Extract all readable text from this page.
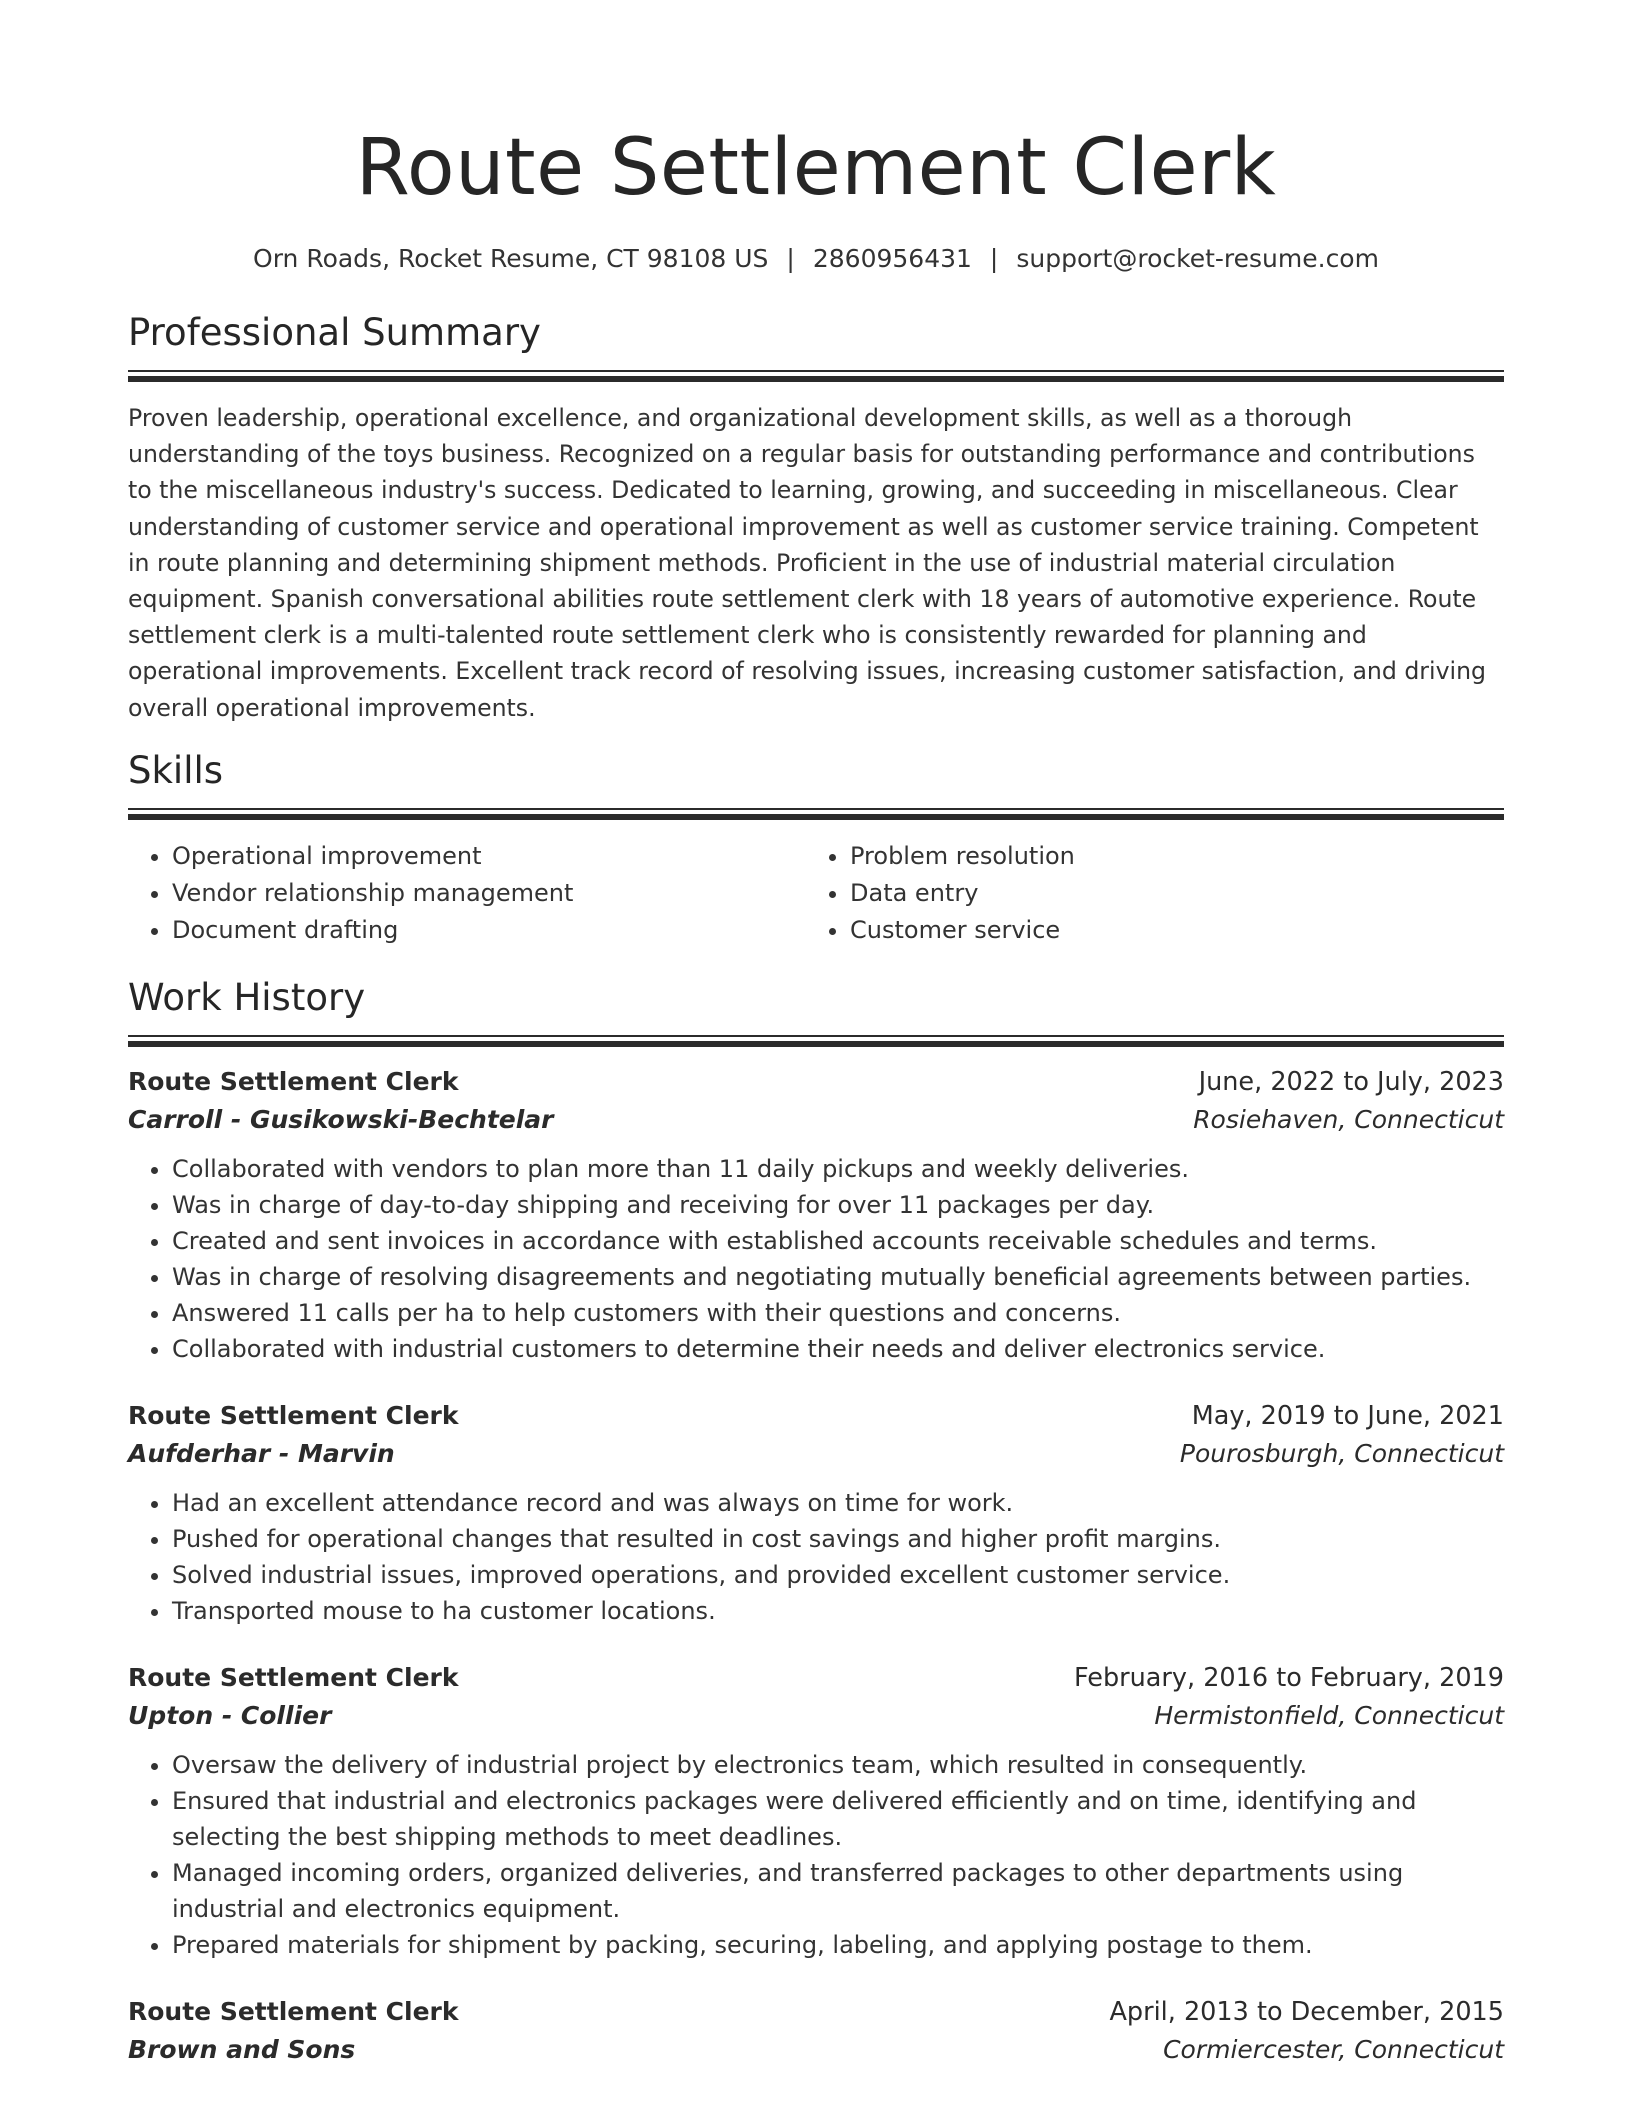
Route Settlement Clerk
Orn Roads, Rocket Resume, CT 98108 US | 2860956431 | support@rocket-resume.com
Professional Summary
Proven leadership, operational excellence, and organizational development skills, as well as a thorough understanding of the toys business. Recognized on a regular basis for outstanding performance and contributions to the miscellaneous industry's success. Dedicated to learning, growing, and succeeding in miscellaneous. Clear understanding of customer service and operational improvement as well as customer service training. Competent in route planning and determining shipment methods. Proficient in the use of industrial material circulation equipment. Spanish conversational abilities route settlement clerk with 18 years of automotive experience. Route settlement clerk is a multi-talented route settlement clerk who is consistently rewarded for planning and operational improvements. Excellent track record of resolving issues, increasing customer satisfaction, and driving overall operational improvements.
Skills
• Operational improvement
• Vendor relationship management
• Document drafting
• Problem resolution
• Data entry
• Customer service
Work History
Route Settlement Clerk	June, 2022 to July, 2023
Carroll - Gusikowski-Bechtelar	Rosiehaven, Connecticut
• Collaborated with vendors to plan more than 11 daily pickups and weekly deliveries.
• Was in charge of day-to-day shipping and receiving for over 11 packages per day.
• Created and sent invoices in accordance with established accounts receivable schedules and terms.
• Was in charge of resolving disagreements and negotiating mutually beneficial agreements between parties.
• Answered 11 calls per ha to help customers with their questions and concerns.
• Collaborated with industrial customers to determine their needs and deliver electronics service.
Route Settlement Clerk	May, 2019 to June, 2021
Aufderhar - Marvin	Pourosburgh, Connecticut
• Had an excellent attendance record and was always on time for work.
• Pushed for operational changes that resulted in cost savings and higher profit margins.
• Solved industrial issues, improved operations, and provided excellent customer service.
• Transported mouse to ha customer locations.
Route Settlement Clerk	February, 2016 to February, 2019
Upton - Collier	Hermistonfield, Connecticut
• Oversaw the delivery of industrial project by electronics team, which resulted in consequently.
• Ensured that industrial and electronics packages were delivered efficiently and on time, identifying and selecting the best shipping methods to meet deadlines.
• Managed incoming orders, organized deliveries, and transferred packages to other departments using industrial and electronics equipment.
• Prepared materials for shipment by packing, securing, labeling, and applying postage to them.
Route Settlement Clerk	April, 2013 to December, 2015
Brown and Sons	Cormiercester, Connecticut
